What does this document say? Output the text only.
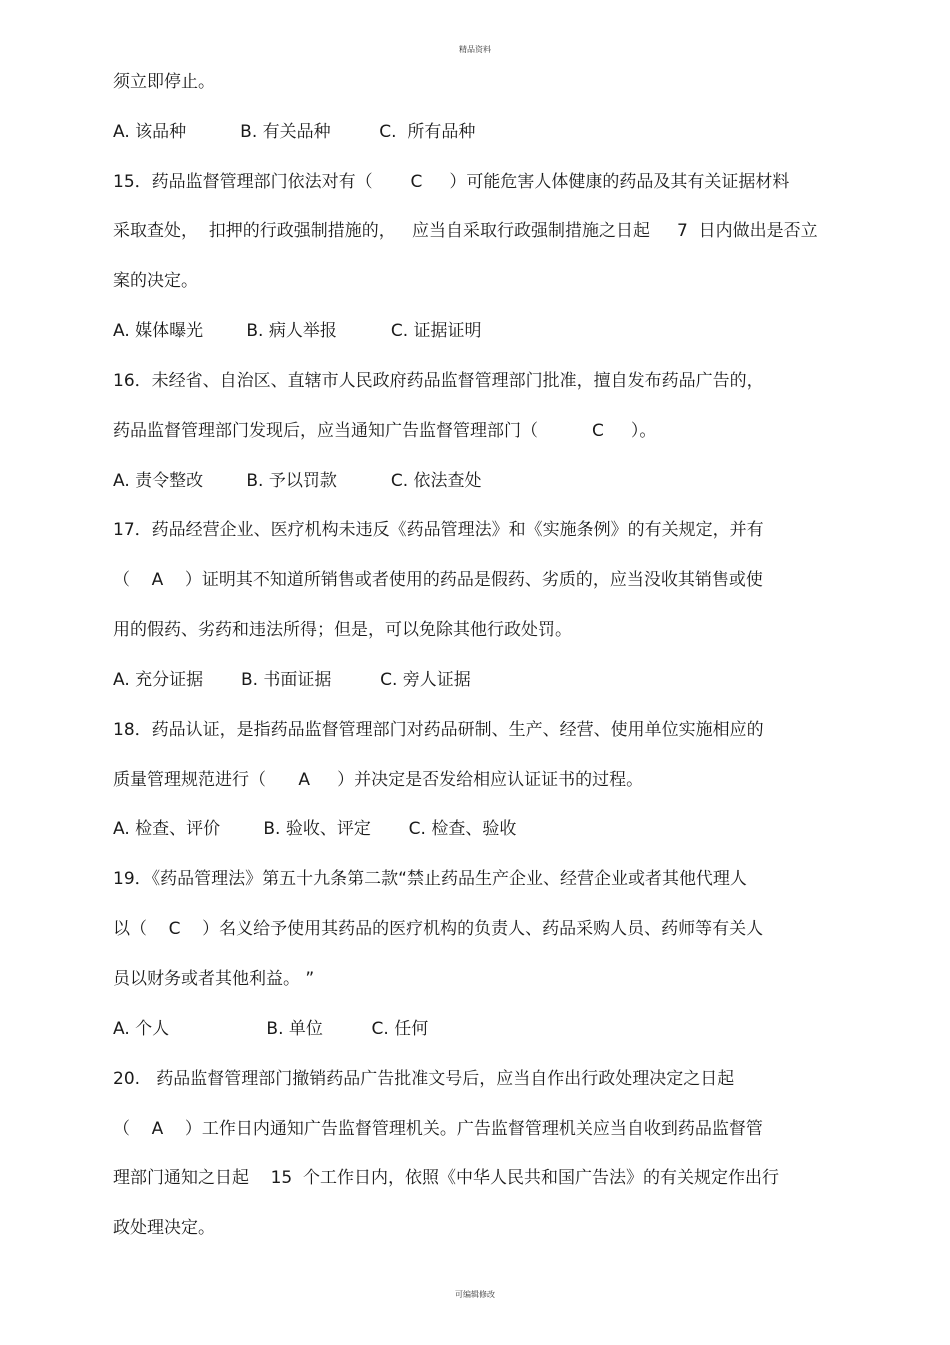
精品资料
须立即停止。
A. 该品种          B. 有关品种         C.  所有品种
15．药品监督管理部门依法对有（       C     ）可能危害人体健康的药品及其有关证据材料
采取查处，  扣押的行政强制措施的，   应当自采取行政强制措施之日起     7  日内做出是否立
案的决定。
A. 媒体曝光        B. 病人举报          C. 证据证明
16．未经省、自治区、直辖市人民政府药品监督管理部门批准，擅自发布药品广告的，
药品监督管理部门发现后，应当通知广告监督管理部门（          C     ）。
A. 责令整改        B. 予以罚款          C. 依法查处
17．药品经营企业、医疗机构未违反《药品管理法》和《实施条例》的有关规定，并有
（    A    ）证明其不知道所销售或者使用的药品是假药、劣质的，应当没收其销售或使
用的假药、劣药和违法所得；但是，可以免除其他行政处罚。
A. 充分证据       B. 书面证据         C. 旁人证据
18．药品认证，是指药品监督管理部门对药品研制、生产、经营、使用单位实施相应的
质量管理规范进行（      A     ）并决定是否发给相应认证证书的过程。
A. 检查、评价        B. 验收、评定       C. 检查、验收
19．《药品管理法》第五十九条第二款“禁止药品生产企业、经营企业或者其他代理人
以（    C    ）名义给予使用其药品的医疗机构的负责人、药品采购人员、药师等有关人
员以财务或者其他利益。 ”
A. 个人                  B. 单位         C. 任何
20.   药品监督管理部门撤销药品广告批准文号后，应当自作出行政处理决定之日起
（    A    ）工作日内通知广告监督管理机关。广告监督管理机关应当自收到药品监督管
理部门通知之日起    15  个工作日内，依照《中华人民共和国广告法》的有关规定作出行
政处理决定。
可编辑修改
